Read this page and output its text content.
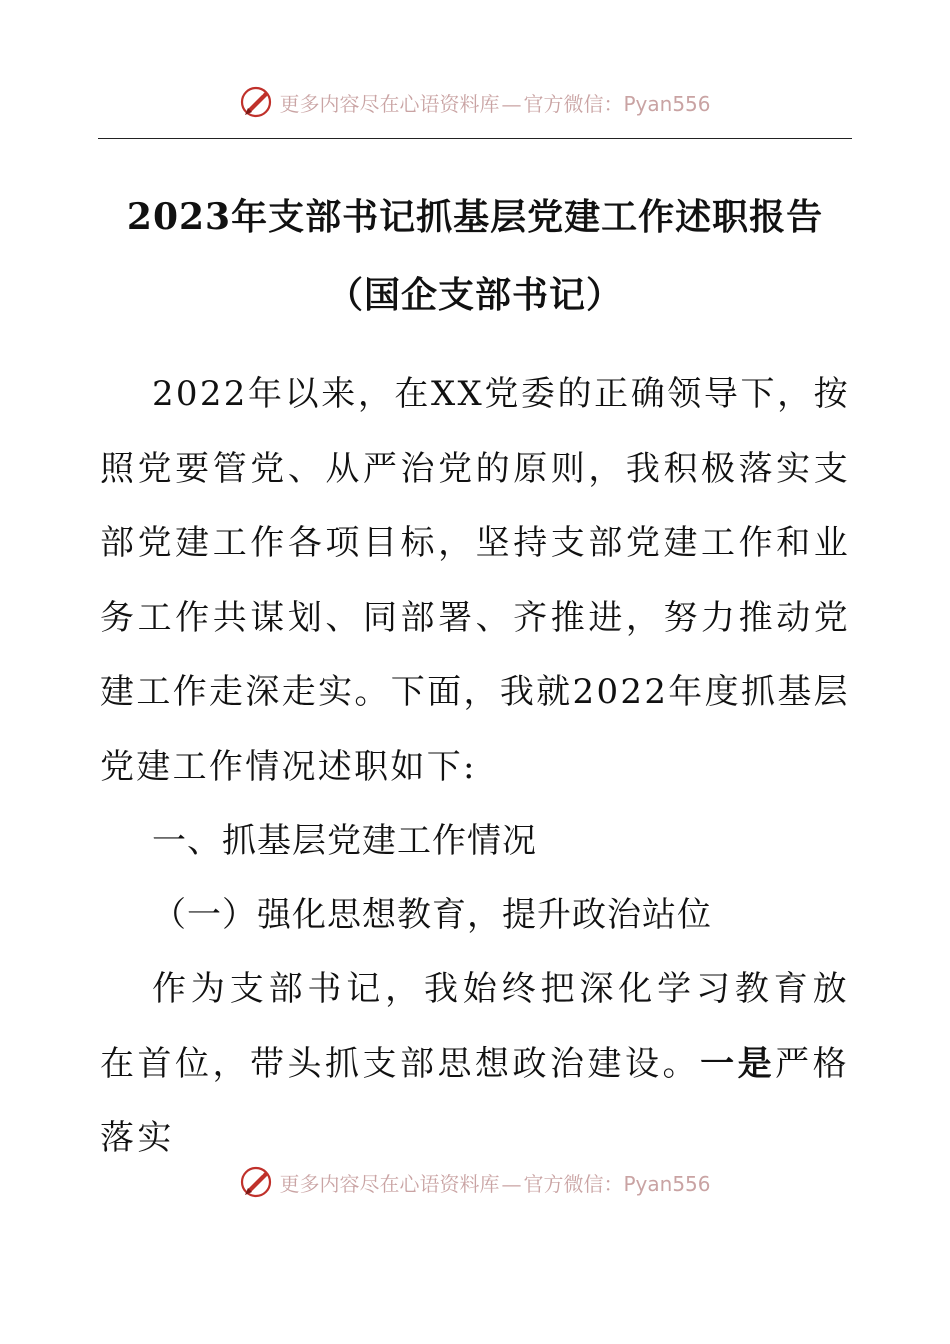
更多内容尽在心语资料库 — 官方微信：Pyan556
2023年支部书记抓基层党建工作述职报告（国企支部书记）
2022年以来，在XX党委的正确领导下，按照党要管党、从严治党的原则，我积极落实支部党建工作各项目标，坚持支部党建工作和业务工作共谋划、同部署、齐推进，努力推动党建工作走深走实。下面，我就2022年度抓基层党建工作情况述职如下:
一、抓基层党建工作情况
（一）强化思想教育，提升政治站位
作为支部书记，我始终把深化学习教育放在首位，带头抓支部思想政治建设。一是严格落实
更多内容尽在心语资料库 — 官方微信：Pyan556
